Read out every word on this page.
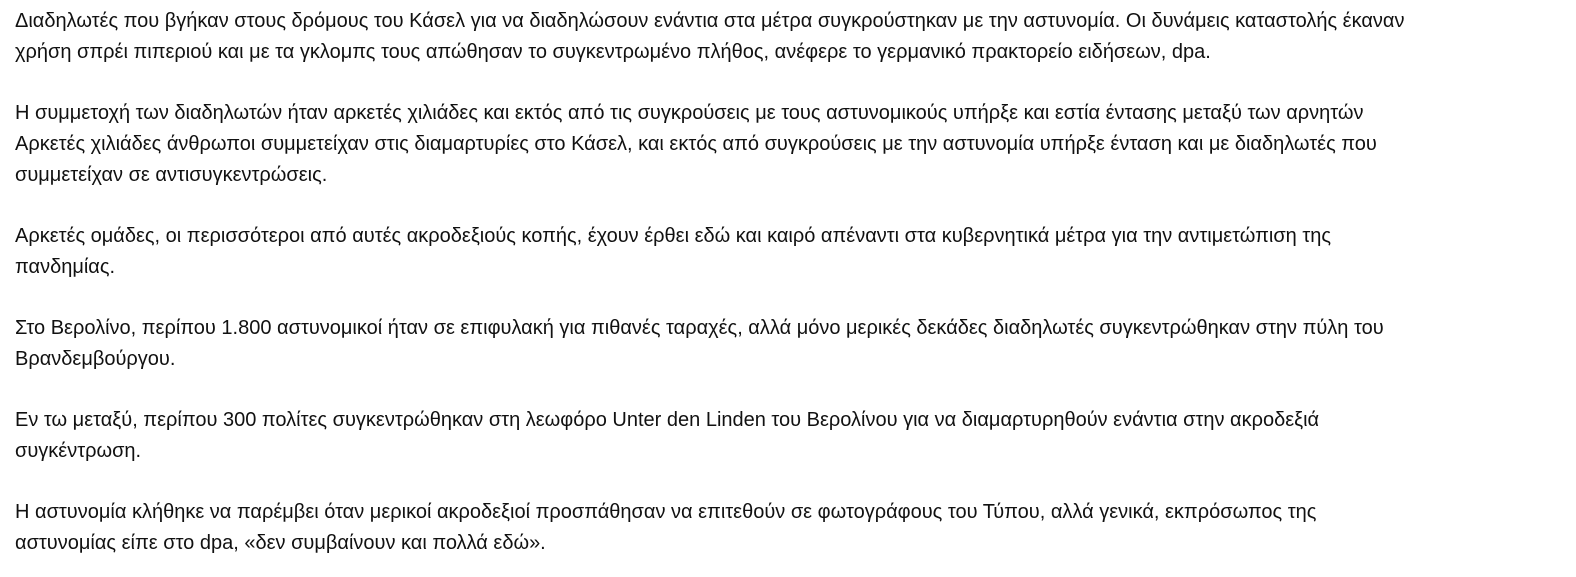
Διαδηλωτές που βγήκαν στους δρόμους του Κάσελ για να διαδηλώσουν ενάντια στα μέτρα συγκρούστηκαν με την αστυνομία. Οι δυνάμεις καταστολής έκαναν
χρήση σπρέι πιπεριού και με τα γκλομπς τους απώθησαν το συγκεντρωμένο πλήθος, ανέφερε το γερμανικό πρακτορείο ειδήσεων, dpa.

Η συμμετοχή των διαδηλωτών ήταν αρκετές χιλιάδες και εκτός από τις συγκρούσεις με τους αστυνομικούς υπήρξε και εστία έντασης μεταξύ των αρνητών
Αρκετές χιλιάδες άνθρωποι συμμετείχαν στις διαμαρτυρίες στο Κάσελ, και εκτός από συγκρούσεις με την αστυνομία υπήρξε ένταση και με διαδηλωτές που
συμμετείχαν σε αντισυγκεντρώσεις.

Αρκετές ομάδες, οι περισσότεροι από αυτές ακροδεξιούς κοπής, έχουν έρθει εδώ και καιρό απέναντι στα κυβερνητικά μέτρα για την αντιμετώπιση της
πανδημίας.

Στο Βερολίνο, περίπου 1.800 αστυνομικοί ήταν σε επιφυλακή για πιθανές ταραχές, αλλά μόνο μερικές δεκάδες διαδηλωτές συγκεντρώθηκαν στην πύλη του
Βρανδεμβούργου.

Εν τω μεταξύ, περίπου 300 πολίτες συγκεντρώθηκαν στη λεωφόρο Unter den Linden του Βερολίνου για να διαμαρτυρηθούν ενάντια στην ακροδεξιά
συγκέντρωση.

Η αστυνομία κλήθηκε να παρέμβει όταν μερικοί ακροδεξιοί προσπάθησαν να επιτεθούν σε φωτογράφους του Τύπου, αλλά γενικά, εκπρόσωπος της
αστυνομίας είπε στο dpa, «δεν συμβαίνουν και πολλά εδώ».
